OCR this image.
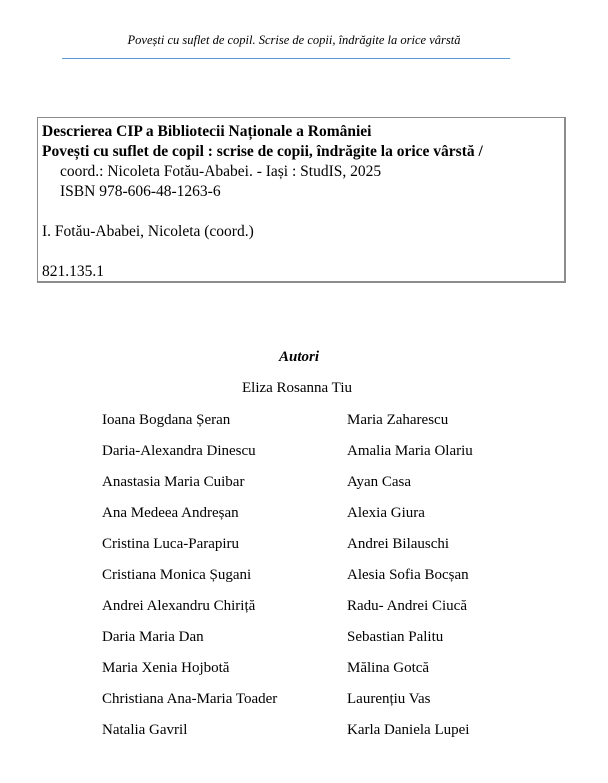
Povești cu suflet de copil. Scrise de copii, îndrăgite la orice vârstă
Descrierea CIP a Bibliotecii Naționale a României
Povești cu suflet de copil : scrise de copii, îndrăgite la orice vârstă /
coord.: Nicoleta Fotău-Ababei. - Iași : StudIS, 2025
ISBN 978-606-48-1263-6
I. Fotău-Ababei, Nicoleta (coord.)
821.135.1
Autori
Eliza Rosanna Tiu
Ioana Bogdana Șeran
Daria-Alexandra Dinescu
Anastasia Maria Cuibar
Ana Medeea Andreșan
Cristina Luca-Parapiru
Cristiana Monica Șugani
Andrei Alexandru Chiriță
Daria Maria Dan
Maria Xenia Hojbotă
Christiana Ana-Maria Toader
Natalia Gavril
Maria Zaharescu
Amalia Maria Olariu
Ayan Casa
Alexia Giura
Andrei Bilauschi
Alesia Sofia Bocșan
Radu- Andrei Ciucă
Sebastian Palitu
Mălina Gotcă
Laurențiu Vas
Karla Daniela Lupei
